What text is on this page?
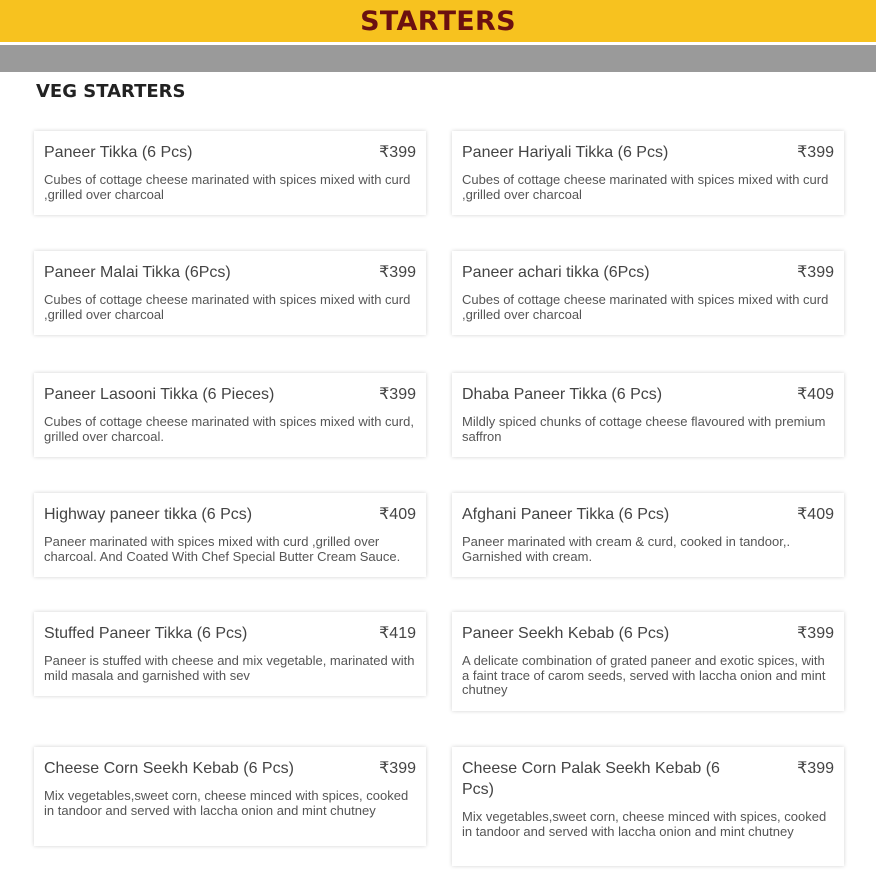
STARTERS
VEG STARTERS
Paneer Tikka (6 Pcs)	₹399
Cubes of cottage cheese marinated with spices mixed with curd ,grilled over charcoal
Paneer Hariyali Tikka (6 Pcs)	₹399
Cubes of cottage cheese marinated with spices mixed with curd ,grilled over charcoal
Paneer Malai Tikka (6Pcs)	₹399
Cubes of cottage cheese marinated with spices mixed with curd ,grilled over charcoal
Paneer achari tikka (6Pcs)	₹399
Cubes of cottage cheese marinated with spices mixed with curd ,grilled over charcoal
Paneer Lasooni Tikka (6 Pieces)	₹399
Cubes of cottage cheese marinated with spices mixed with curd, grilled over charcoal.
Dhaba Paneer Tikka (6 Pcs)	₹409
Mildly spiced chunks of cottage cheese flavoured with premium saffron
Highway paneer tikka (6 Pcs)	₹409
Paneer marinated with spices mixed with curd ,grilled over charcoal. And Coated With Chef Special Butter Cream Sauce.
Afghani Paneer Tikka (6 Pcs)	₹409
Paneer marinated with cream & curd, cooked in tandoor,. Garnished with cream.
Stuffed Paneer Tikka (6 Pcs)	₹419
Paneer is stuffed with cheese and mix vegetable, marinated with mild masala and garnished with sev
Paneer Seekh Kebab (6 Pcs)	₹399
A delicate combination of grated paneer and exotic spices, with a faint trace of carom seeds, served with laccha onion and mint chutney
Cheese Corn Seekh Kebab (6 Pcs)	₹399
Mix vegetables,sweet corn, cheese minced with spices, cooked in tandoor and served with laccha onion and mint chutney
Cheese Corn Palak Seekh Kebab (6 Pcs)
₹399
Mix vegetables,sweet corn, cheese minced with spices, cooked in tandoor and served with laccha onion and mint chutney
